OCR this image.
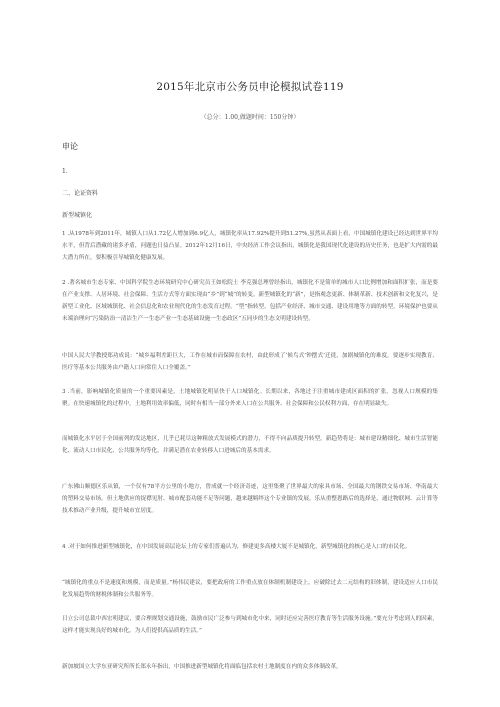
2015年北京市公务员申论模拟试卷119
（总分：1.00,做题时间：150分钟）
申论
1.
二、论证资料
新型城镇化

1 .从1978年到2011年，城镇人口从1.72亿人增加到6.9亿人，城镇化率从17.92%提升到51.27%,虽然从表面上看，中国城镇化建设已经达到世界平均水平，但背后潜藏的诸多矛盾，问题也日益凸显。2012年12月16日，中央经济工作会议指出，城镇化是我国现代化建设的历史任务，也是扩大内需的最大潜力所在，要积极引导城镇化健康发展。

2 .著名城市生态专家、中国科学院生态环境研究中心研究员王如松院士 李克强总理曾经指出，城镇化不是简单的城市人口比例增加和面积扩张，而是要在产业支撑、人居环境、社会保障、生活方式等方面实现由“乡”到“城”的转变。新型城镇化的“新”，是指观念更新、体制革新、技术创新和文化复兴，是新型工业化、区域城镇化、社会信息化和农业现代化的生态发育过程。“型”指转型，包括产业经济、城市交通、建设用地等方面的转型，环境保护也要从末端治理向“污染防治一清洁生产一生态产业一生态基础设施一生态政区”五同步的生态文明建设转型。

中国人民大学教授郑功成说：“城乡福利差距巨大，工作在城市而保障在农村，由此形成了‘候鸟式’钟摆式’迁徙，加剧城镇化的难度。要逐步实现教育、医疗等基本公共服务由户籍人口向常住人口全覆盖。”

3 .当前，影响城镇化质量的一个重要因素是，土地城镇化明显快于人口城镇化。长期以来，各地过于注重城市建成区面积的扩张，忽视人口规模的集聚。在快速城镇化的过程中，土地利用效率偏低，同时有相当一部分外来人口在公共服务、社会保障和公民权利方面，存在明显缺失。

而城镇化水平居于全国前列的发达地区，几乎已耗尽这种粗放式发展模式的潜力，不得不向品质提升转型，新趋势将是：城市建设精细化、城市生活智能化、流动人口市民化、公共服务均等化，并满足潜在农业转移人口进城后的基本需求。

广东佛山顺德区乐从镇，一个仅有78平方公里的小地方，曾成就一个经济奇迹，这里集聚了世界最大的家具市场、全国最大的钢铁交易市场、华南最大的塑料交易市场。但土地供应的捉襟见肘、城市配套功能不足等问题，越来越羁绊这个专业镇的发展。乐从重整恩路后的选择是，通过物联网、云计算等技术推动产业升级，提升城市宜居度。

4 .对于如何推进新型城镇化，在中国发展高层论坛上的专家们普遍认为，修建更多高楼大厦不是城镇化，新型城镇化的核心是人口的市民化。

“城镇化的重点不是速度和规模，而是质量。”杨伟民建议，要把政府的工作重点放在体制机制建设上，应破除过去二元结构的旧体制，建设适应人口市民化发展趋势的财税体制和公共服务等。

日立公司总裁中西宏明建议，要合理规划交通设施，鼓励市民广泛参与到城市化中来，同时还应完善医疗教育等生活服务设施。”要充分考虑到人的因素，这样才能实现良好的城市化，为人们提供高品质的生活。”

新加坡国立大学东亚研究所所长郑永年指出，中国推进新型城镇化将面临包括农村土地制度在内的众多体制改革，
